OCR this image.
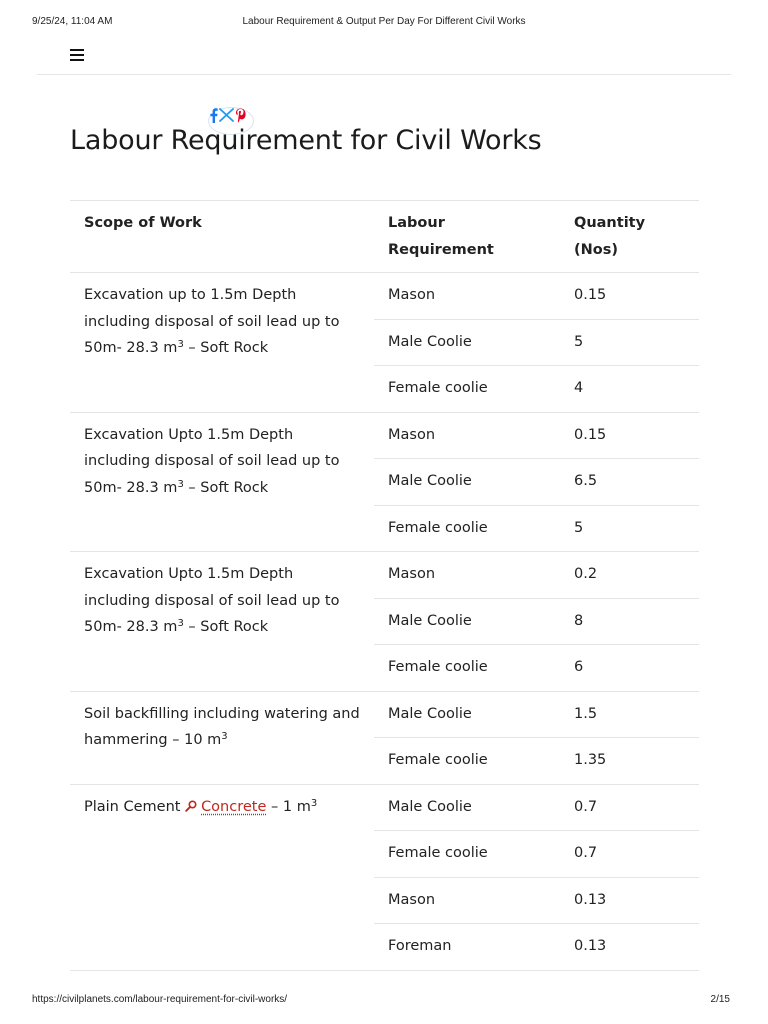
9/25/24, 11:04 AM	Labour Requirement & Output Per Day For Different Civil Works
Labour Requirement for Civil Works
Scope of Work	Labour Requirement	Quantity (Nos)
Excavation up to 1.5m Depth including disposal of soil lead up to 50m- 28.3 $m^3$ – Soft Rock	Mason	0.15
	Male Coolie	5
	Female coolie	4
Excavation Upto 1.5m Depth including disposal of soil lead up to 50m- 28.3 $m^3$ – Soft Rock	Mason	0.15
	Male Coolie	6.5
	Female coolie	5
Excavation Upto 1.5m Depth including disposal of soil lead up to 50m- 28.3 $m^3$ – Soft Rock	Mason	0.2
	Male Coolie	8
	Female coolie	6
Soil backfilling including watering and hammering – 10 $m^3$	Male Coolie	1.5
	Female coolie	1.35
Plain Cement Concrete – 1 $m^3$	Male Coolie	0.7
	Female coolie	0.7
	Mason	0.13
	Foreman	0.13
https://civilplanets.com/labour-requirement-for-civil-works/	2/15
